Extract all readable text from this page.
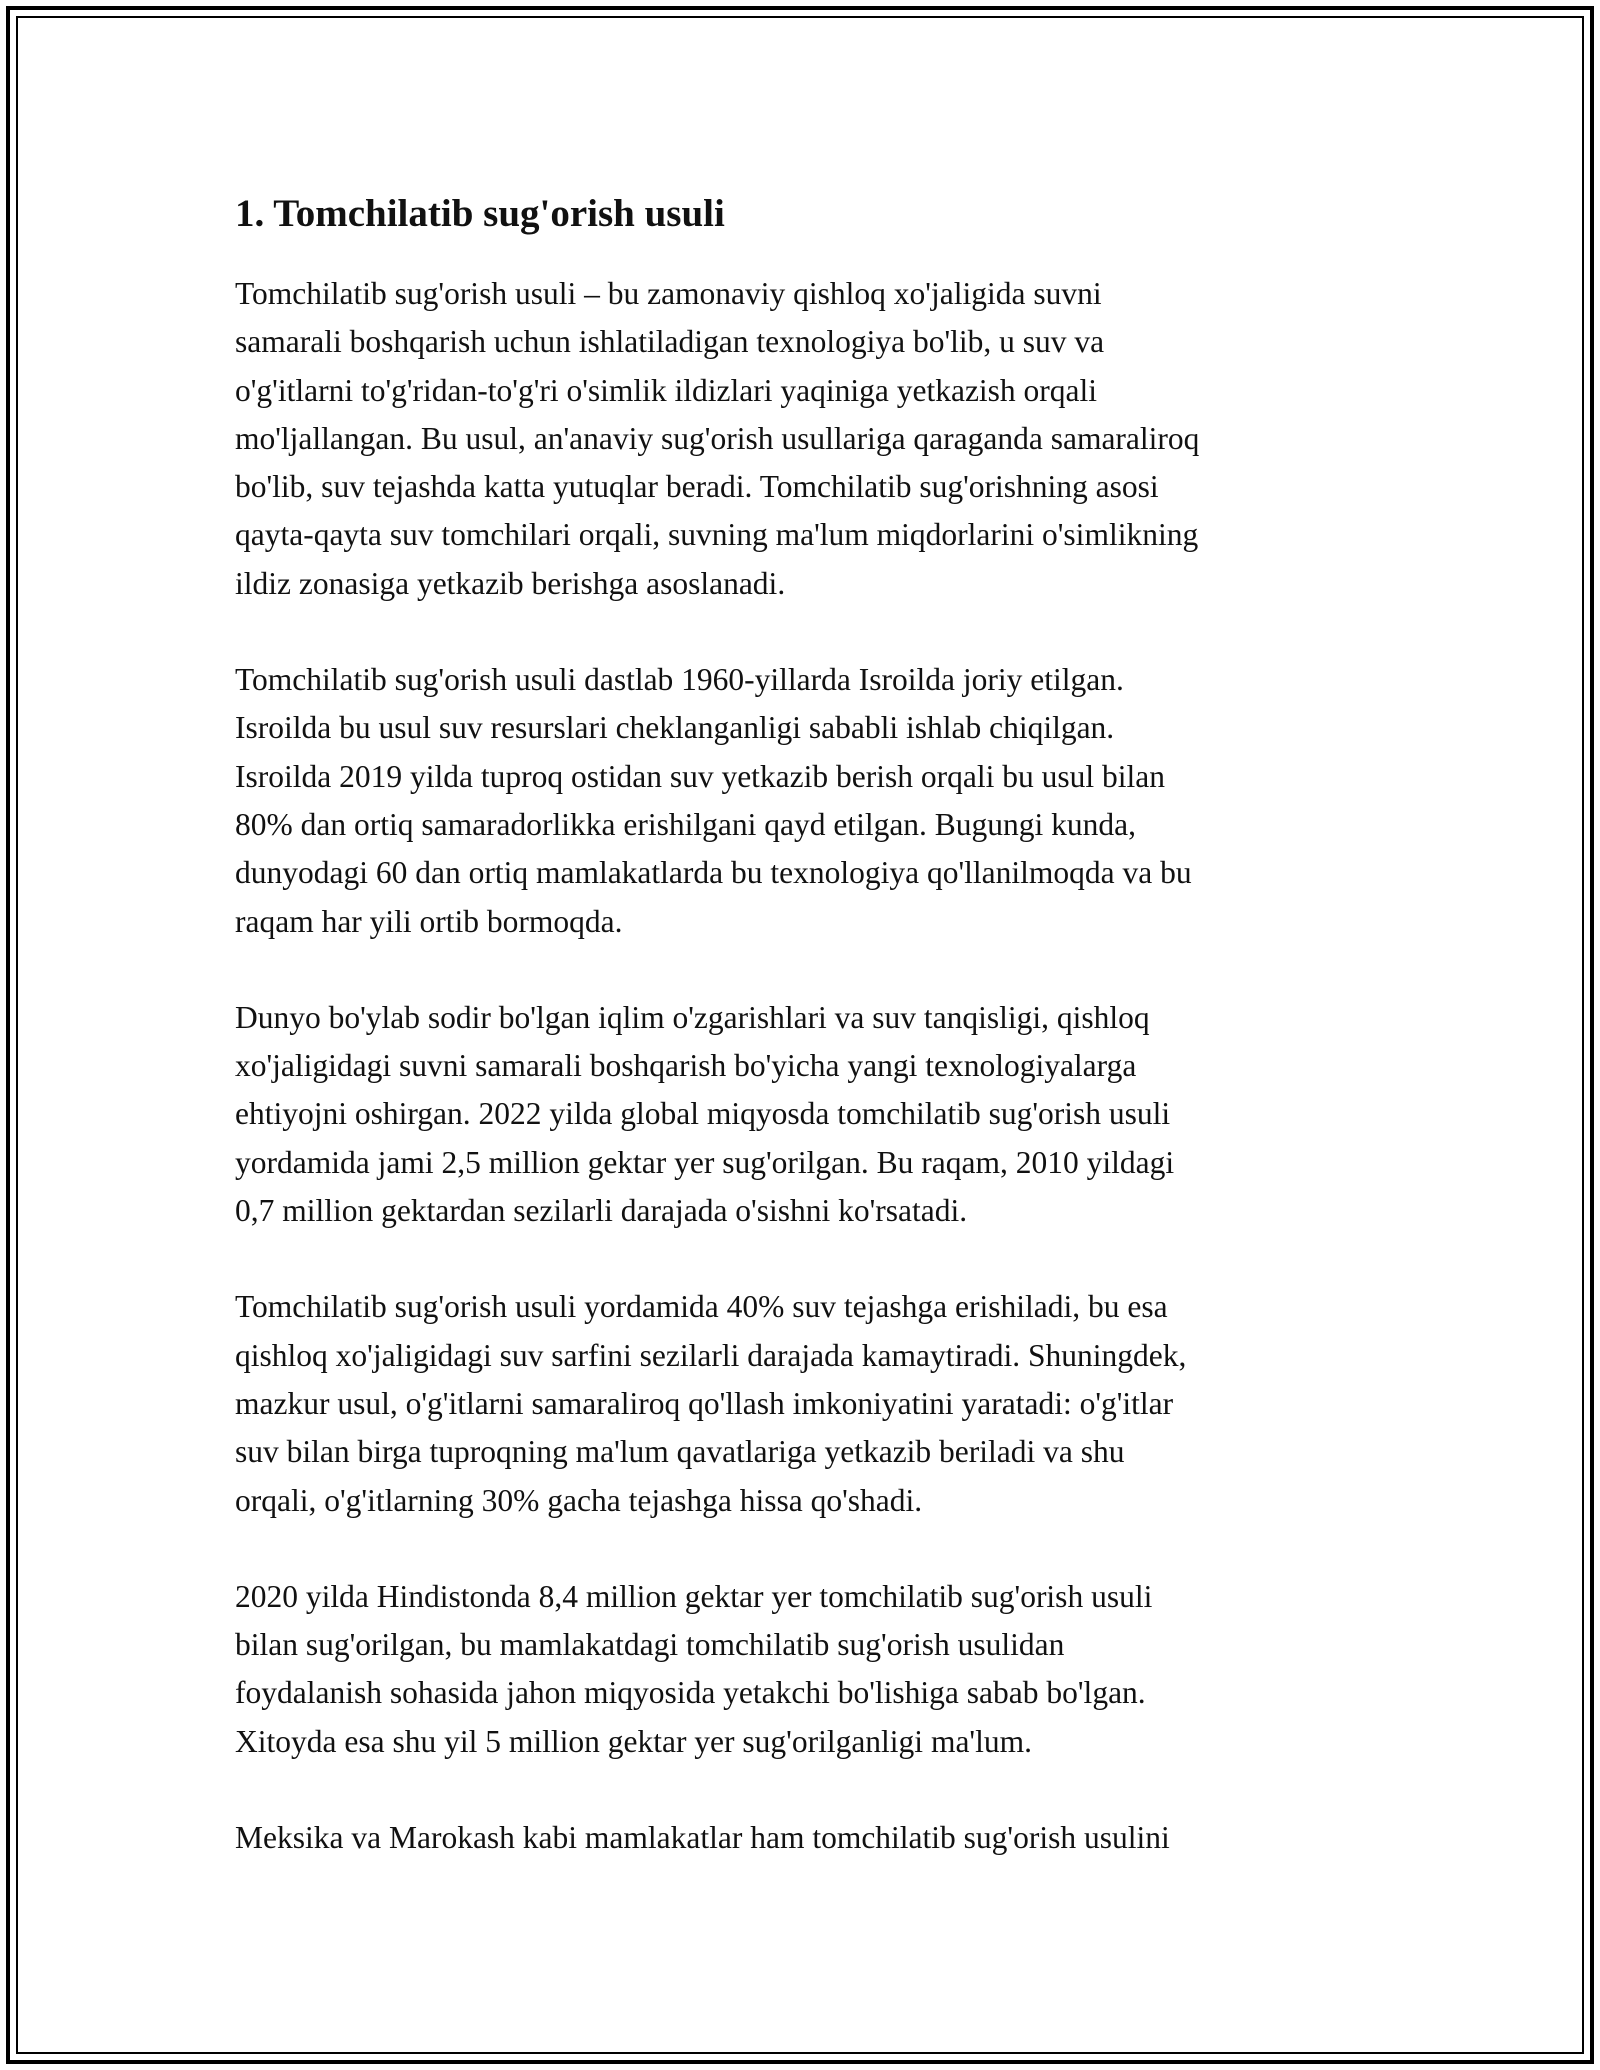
1. Tomchilatib sug'orish usuli

Tomchilatib sug'orish usuli – bu zamonaviy qishloq xo'jaligida suvni
samarali boshqarish uchun ishlatiladigan texnologiya bo'lib, u suv va
o'g'itlarni to'g'ridan-to'g'ri o'simlik ildizlari yaqiniga yetkazish orqali
mo'ljallangan. Bu usul, an'anaviy sug'orish usullariga qaraganda samaraliroq
bo'lib, suv tejashda katta yutuqlar beradi. Tomchilatib sug'orishning asosi
qayta-qayta suv tomchilari orqali, suvning ma'lum miqdorlarini o'simlikning
ildiz zonasiga yetkazib berishga asoslanadi.

Tomchilatib sug'orish usuli dastlab 1960-yillarda Isroilda joriy etilgan.
Isroilda bu usul suv resurslari cheklanganligi sababli ishlab chiqilgan.
Isroilda 2019 yilda tuproq ostidan suv yetkazib berish orqali bu usul bilan
80% dan ortiq samaradorlikka erishilgani qayd etilgan. Bugungi kunda,
dunyodagi 60 dan ortiq mamlakatlarda bu texnologiya qo'llanilmoqda va bu
raqam har yili ortib bormoqda.

Dunyo bo'ylab sodir bo'lgan iqlim o'zgarishlari va suv tanqisligi, qishloq
xo'jaligidagi suvni samarali boshqarish bo'yicha yangi texnologiyalarga
ehtiyojni oshirgan. 2022 yilda global miqyosda tomchilatib sug'orish usuli
yordamida jami 2,5 million gektar yer sug'orilgan. Bu raqam, 2010 yildagi
0,7 million gektardan sezilarli darajada o'sishni ko'rsatadi.

Tomchilatib sug'orish usuli yordamida 40% suv tejashga erishiladi, bu esa
qishloq xo'jaligidagi suv sarfini sezilarli darajada kamaytiradi. Shuningdek,
mazkur usul, o'g'itlarni samaraliroq qo'llash imkoniyatini yaratadi: o'g'itlar
suv bilan birga tuproqning ma'lum qavatlariga yetkazib beriladi va shu
orqali, o'g'itlarning 30% gacha tejashga hissa qo'shadi.

2020 yilda Hindistonda 8,4 million gektar yer tomchilatib sug'orish usuli
bilan sug'orilgan, bu mamlakatdagi tomchilatib sug'orish usulidan
foydalanish sohasida jahon miqyosida yetakchi bo'lishiga sabab bo'lgan.
Xitoyda esa shu yil 5 million gektar yer sug'orilganligi ma'lum.

Meksika va Marokash kabi mamlakatlar ham tomchilatib sug'orish usulini
